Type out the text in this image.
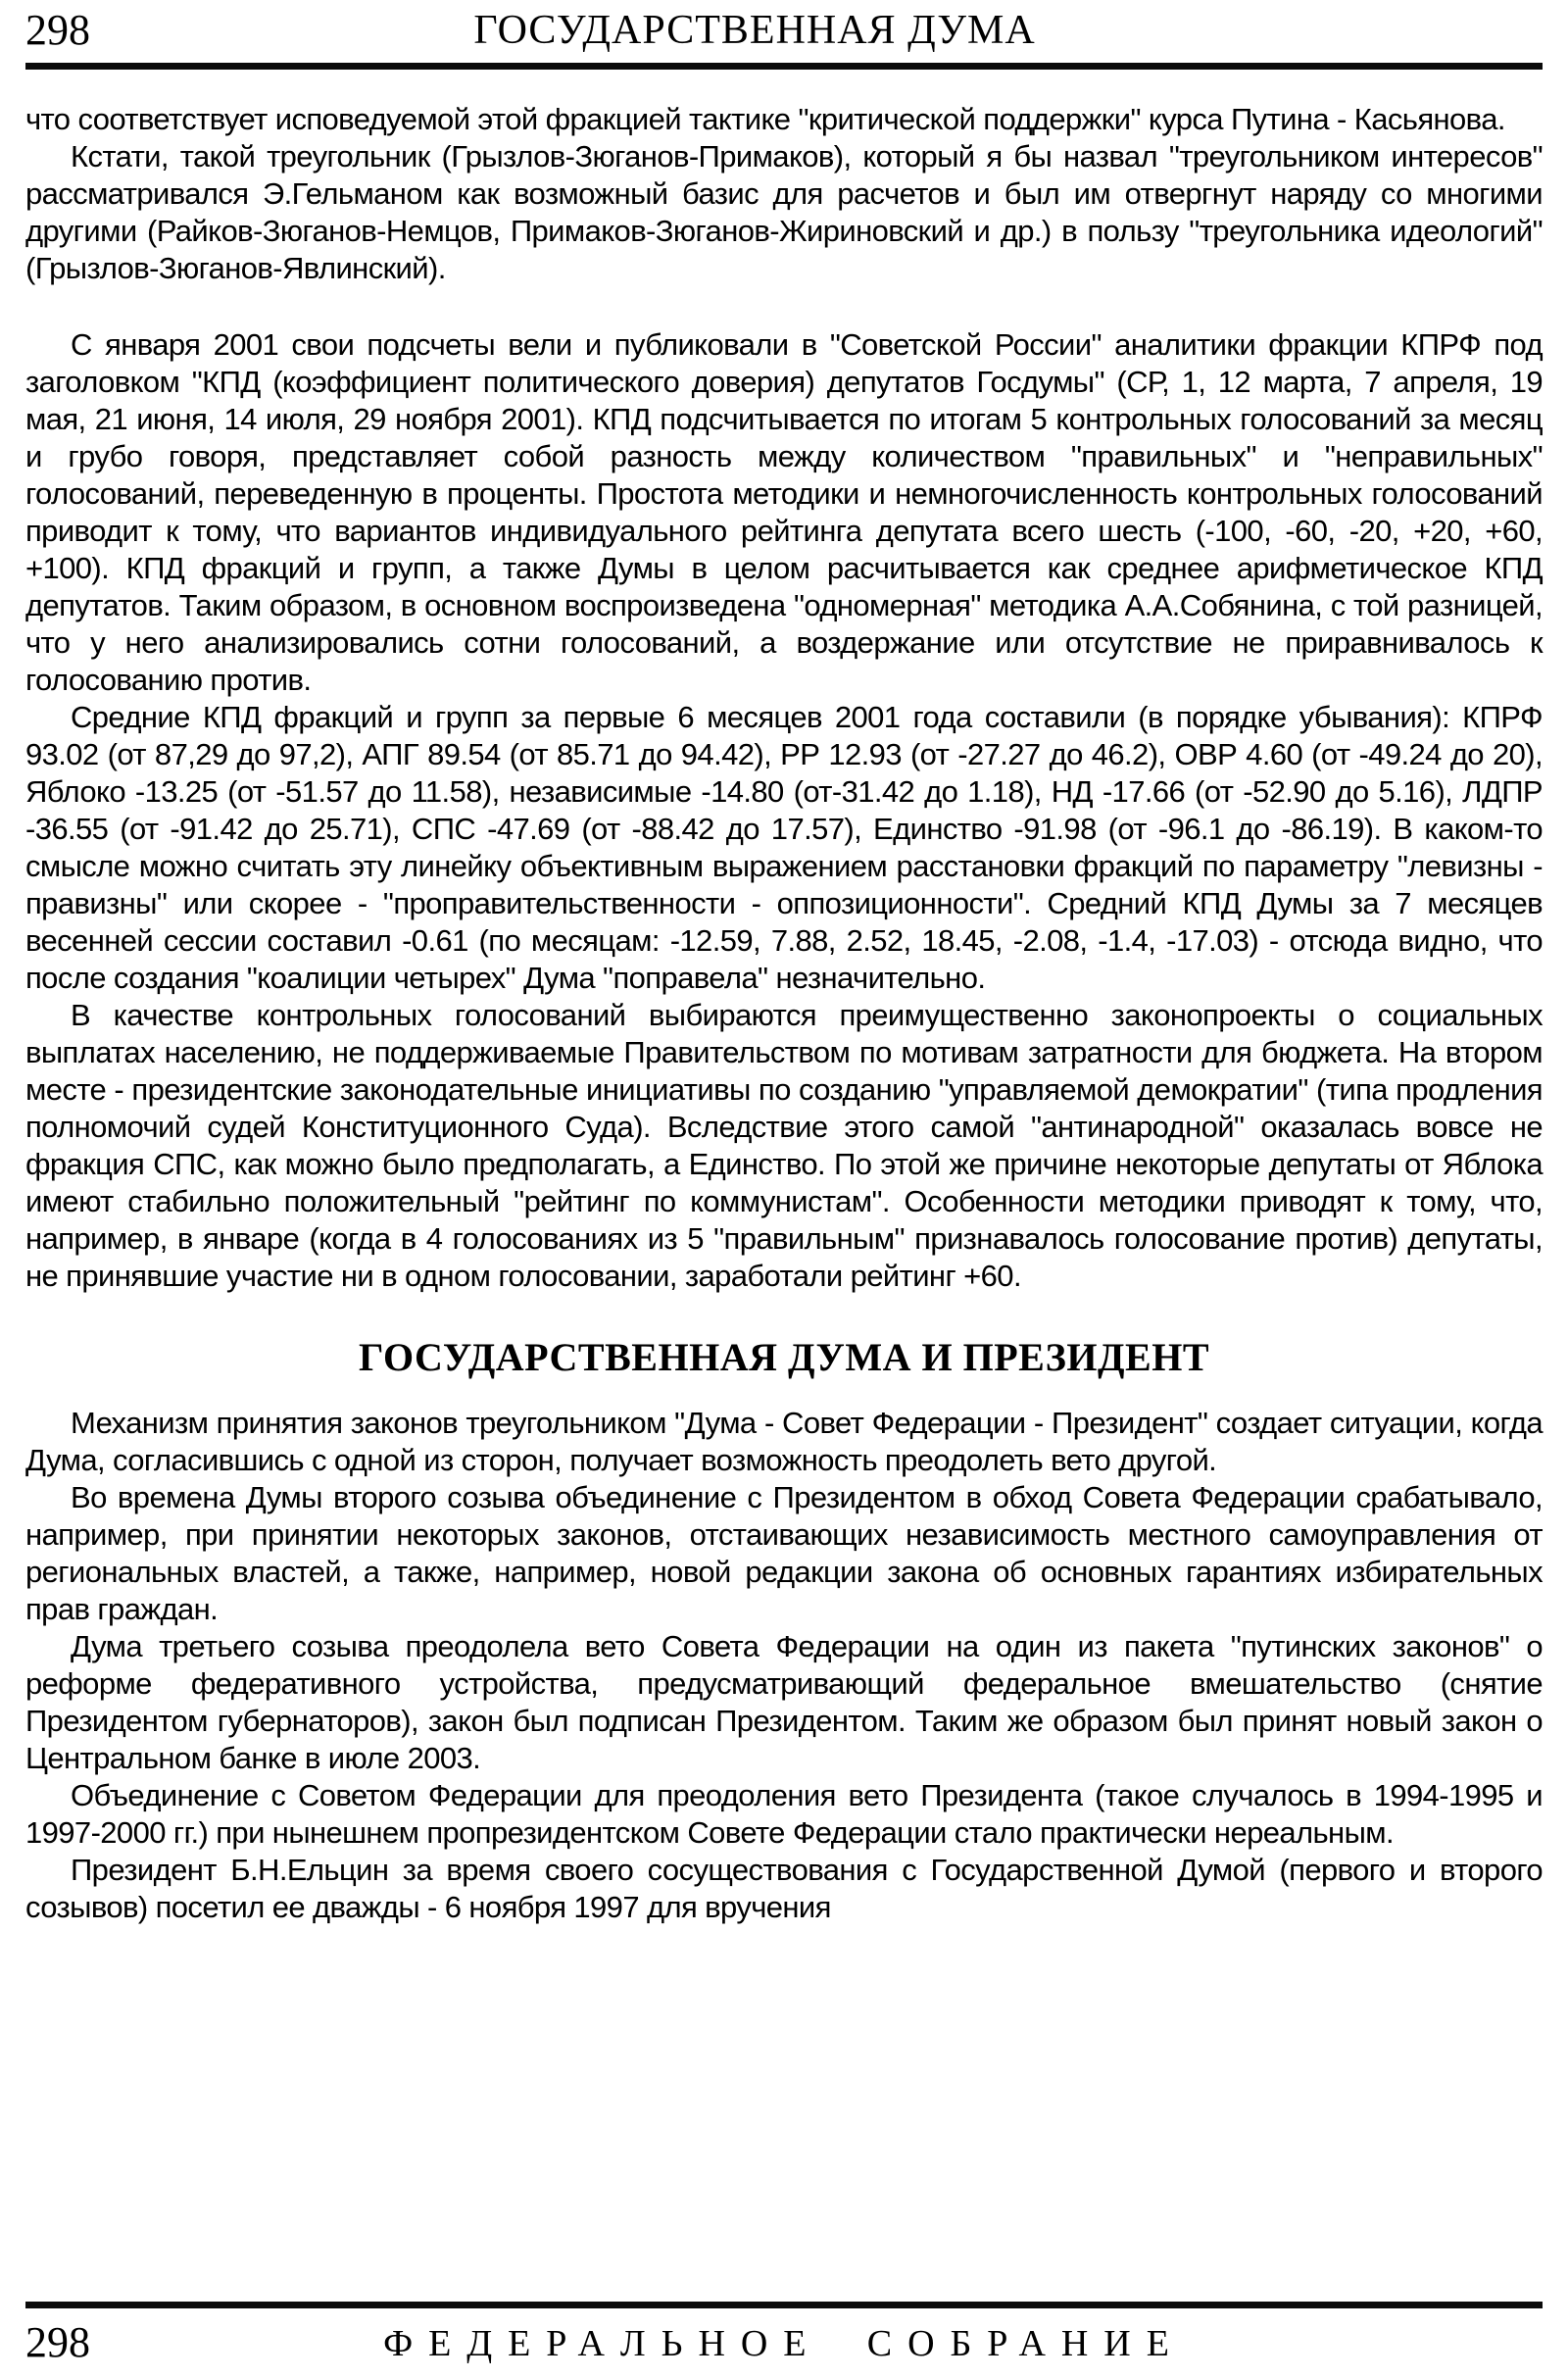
298	ГОСУДАРСТВЕННАЯ ДУМА

что соответствует исповедуемой этой фракцией тактике "критической поддержки" курса Путина - Касьянова.

Кстати, такой треугольник (Грызлов-Зюганов-Примаков), который я бы назвал "треугольником интересов" рассматривался Э.Гельманом как возможный базис для расчетов и был им отвергнут наряду со многими другими (Райков-Зюганов-Немцов, Примаков-Зюганов-Жириновский и др.) в пользу "треугольника идеологий" (Грызлов-Зюганов-Явлинский).

С января 2001 свои подсчеты вели и публиковали в "Советской России" аналитики фракции КПРФ под заголовком "КПД (коэффициент политического доверия) депутатов Госдумы" (СР, 1, 12 марта, 7 апреля, 19 мая, 21 июня, 14 июля, 29 ноября 2001). КПД подсчитывается по итогам 5 контрольных голосований за месяц и грубо говоря, представляет собой разность между количеством "правильных" и "неправильных" голосований, переведенную в проценты. Простота методики и немногочисленность контрольных голосований приводит к тому, что вариантов индивидуального рейтинга депутата всего шесть (-100, -60, -20, +20, +60, +100). КПД фракций и групп, а также Думы в целом расчитывается как среднее арифметическое КПД депутатов. Таким образом, в основном воспроизведена "одномерная" методика А.А.Собянина, с той разницей, что у него анализировались сотни голосований, а воздержание или отсутствие не приравнивалось к голосованию против.

Средние КПД фракций и групп за первые 6 месяцев 2001 года составили (в порядке убывания): КПРФ 93.02 (от 87,29 до 97,2), АПГ 89.54 (от 85.71 до 94.42), РР 12.93 (от -27.27 до 46.2), ОВР 4.60 (от -49.24 до 20), Яблоко -13.25 (от -51.57 до 11.58), независимые -14.80 (от-31.42 до 1.18), НД -17.66 (от -52.90 до 5.16), ЛДПР -36.55 (от -91.42 до 25.71), СПС -47.69 (от -88.42 до 17.57), Единство -91.98 (от -96.1 до -86.19). В каком-то смысле можно считать эту линейку объективным выражением расстановки фракций по параметру "левизны - правизны" или скорее - "проправительственности - оппозиционности". Средний КПД Думы за 7 месяцев весенней сессии составил -0.61 (по месяцам: -12.59, 7.88, 2.52, 18.45, -2.08, -1.4, -17.03) - отсюда видно, что после создания "коалиции четырех" Дума "поправела" незначительно.

В качестве контрольных голосований выбираются преимущественно законопроекты о социальных выплатах населению, не поддерживаемые Правительством по мотивам затратности для бюджета. На втором месте - президентские законодательные инициативы по созданию "управляемой демократии" (типа продления полномочий судей Конституционного Суда). Вследствие этого самой "антинародной" оказалась вовсе не фракция СПС, как можно было предполагать, а Единство. По этой же причине некоторые депутаты от Яблока имеют стабильно положительный "рейтинг по коммунистам". Особенности методики приводят к тому, что, например, в январе (когда в 4 голосованиях из 5 "правильным" признавалось голосование против) депутаты, не принявшие участие ни в одном голосовании, заработали рейтинг +60.

ГОСУДАРСТВЕННАЯ ДУМА И ПРЕЗИДЕНТ

Механизм принятия законов треугольником "Дума - Совет Федерации - Президент" создает ситуации, когда Дума, согласившись с одной из сторон, получает возможность преодолеть вето другой.

Во времена Думы второго созыва объединение с Президентом в обход Совета Федерации срабатывало, например, при принятии некоторых законов, отстаивающих независимость местного самоуправления от региональных властей, а также, например, новой редакции закона об основных гарантиях избирательных прав граждан.

Дума третьего созыва преодолела вето Совета Федерации на один из пакета "путинских законов" о реформе федеративного устройства, предусматривающий федеральное вмешательство (снятие Президентом губернаторов), закон был подписан Президентом. Таким же образом был принят новый закон о Центральном банке в июле 2003.

Объединение с Советом Федерации для преодоления вето Президента (такое случалось в 1994-1995 и 1997-2000 гг.) при нынешнем пропрезидентском Совете Федерации стало практически нереальным.

Президент Б.Н.Ельцин за время своего сосуществования с Государственной Думой (первого и второго созывов) посетил ее дважды - 6 ноября 1997 для вручения

298	ФЕДЕРАЛЬНОЕ СОБРАНИЕ
